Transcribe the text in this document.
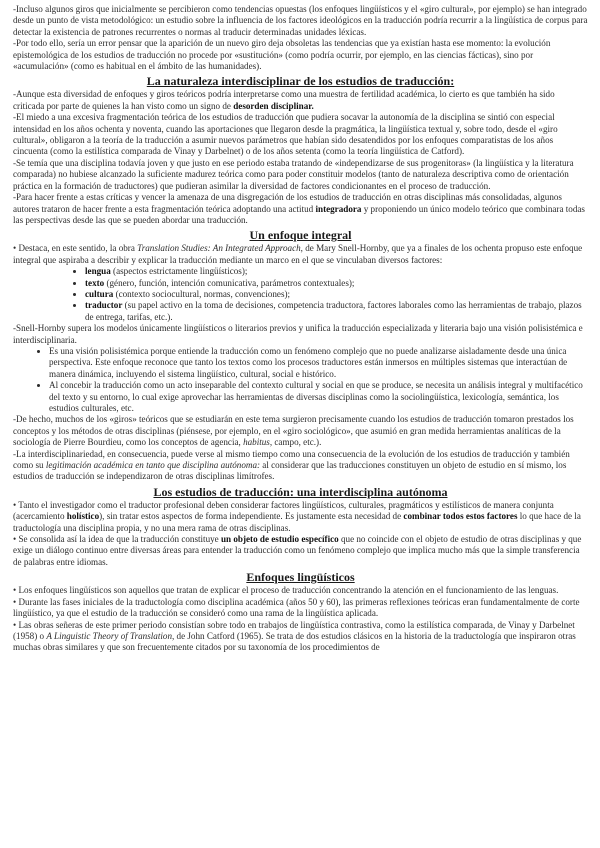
-Incluso algunos giros que inicialmente se percibieron como tendencias opuestas (los enfoques lingüísticos y el «giro cultural», por ejemplo) se han integrado desde un punto de vista metodológico: un estudio sobre la influencia de los factores ideológicos en la traducción podría recurrir a la lingüística de corpus para detectar la existencia de patrones recurrentes o normas al traducir determinadas unidades léxicas.

-Por todo ello, sería un error pensar que la aparición de un nuevo giro deja obsoletas las tendencias que ya existían hasta ese momento: la evolución epistemológica de los estudios de traducción no procede por «sustitución» (como podría ocurrir, por ejemplo, en las ciencias fácticas), sino por «acumulación» (como es habitual en el ámbito de las humanidades).

La naturaleza interdisciplinar de los estudios de traducción:

-Aunque esta diversidad de enfoques y giros teóricos podría interpretarse como una muestra de fertilidad académica, lo cierto es que también ha sido criticada por parte de quienes la han visto como un signo de desorden disciplinar.

-El miedo a una excesiva fragmentación teórica de los estudios de traducción que pudiera socavar la autonomía de la disciplina se sintió con especial intensidad en los años ochenta y noventa, cuando las aportaciones que llegaron desde la pragmática, la lingüística textual y, sobre todo, desde el «giro cultural», obligaron a la teoría de la traducción a asumir nuevos parámetros que habían sido desatendidos por los enfoques comparatistas de los años cincuenta (como la estilística comparada de Vinay y Darbelnet) o de los años setenta (como la teoría lingüística de Catford).

-Se temía que una disciplina todavía joven y que justo en ese periodo estaba tratando de «independizarse de sus progenitoras» (la lingüística y la literatura comparada) no hubiese alcanzado la suficiente madurez teórica como para poder constituir modelos (tanto de naturaleza descriptiva como de orientación práctica en la formación de traductores) que pudieran asimilar la diversidad de factores condicionantes en el proceso de traducción.

-Para hacer frente a estas críticas y vencer la amenaza de una disgregación de los estudios de traducción en otras disciplinas más consolidadas, algunos autores trataron de hacer frente a esta fragmentación teórica adoptando una actitud integradora y proponiendo un único modelo teórico que combinara todas las perspectivas desde las que se pueden abordar una traducción.

Un enfoque integral

• Destaca, en este sentido, la obra Translation Studies: An Integrated Approach, de Mary Snell-Hornby, que ya a finales de los ochenta propuso este enfoque integral que aspiraba a describir y explicar la traducción mediante un marco en el que se vinculaban diversos factores:

• lengua (aspectos estrictamente lingüísticos);
• texto (género, función, intención comunicativa, parámetros contextuales);
• cultura (contexto sociocultural, normas, convenciones);
• traductor (su papel activo en la toma de decisiones, competencia traductora, factores laborales como las herramientas de trabajo, plazos de entrega, tarifas, etc.).

-Snell-Hornby supera los modelos únicamente lingüísticos o literarios previos y unifica la traducción especializada y literaria bajo una visión polisistémica e interdisciplinaria.

• Es una visión polisistémica porque entiende la traducción como un fenómeno complejo que no puede analizarse aisladamente desde una única perspectiva. Este enfoque reconoce que tanto los textos como los procesos traductores están inmersos en múltiples sistemas que interactúan de manera dinámica, incluyendo el sistema lingüístico, cultural, social e histórico.
• Al concebir la traducción como un acto inseparable del contexto cultural y social en que se produce, se necesita un análisis integral y multifacético del texto y su entorno, lo cual exige aprovechar las herramientas de diversas disciplinas como la sociolingüística, lexicología, semántica, los estudios culturales, etc.

-De hecho, muchos de los «giros» teóricos que se estudiarán en este tema surgieron precisamente cuando los estudios de traducción tomaron prestados los conceptos y los métodos de otras disciplinas (piénsese, por ejemplo, en el «giro sociológico», que asumió en gran medida herramientas analíticas de la sociología de Pierre Bourdieu, como los conceptos de agencia, habitus, campo, etc.).

-La interdisciplinariedad, en consecuencia, puede verse al mismo tiempo como una consecuencia de la evolución de los estudios de traducción y también como su legitimación académica en tanto que disciplina autónoma: al considerar que las traducciones constituyen un objeto de estudio en sí mismo, los estudios de traducción se independizaron de otras disciplinas limítrofes.

Los estudios de traducción: una interdisciplina autónoma

• Tanto el investigador como el traductor profesional deben considerar factores lingüísticos, culturales, pragmáticos y estilísticos de manera conjunta (acercamiento holístico), sin tratar estos aspectos de forma independiente. Es justamente esta necesidad de combinar todos estos factores lo que hace de la traductología una disciplina propia, y no una mera rama de otras disciplinas.

• Se consolida así la idea de que la traducción constituye un objeto de estudio específico que no coincide con el objeto de estudio de otras disciplinas y que exige un diálogo continuo entre diversas áreas para entender la traducción como un fenómeno complejo que implica mucho más que la simple transferencia de palabras entre idiomas.

Enfoques lingüísticos

• Los enfoques lingüísticos son aquellos que tratan de explicar el proceso de traducción concentrando la atención en el funcionamiento de las lenguas.

• Durante las fases iniciales de la traductología como disciplina académica (años 50 y 60), las primeras reflexiones teóricas eran fundamentalmente de corte lingüístico, ya que el estudio de la traducción se consideró como una rama de la lingüística aplicada.

• Las obras señeras de este primer periodo consistían sobre todo en trabajos de lingüística contrastiva, como la estilística comparada, de Vinay y Darbelnet (1958) o A Linguistic Theory of Translation, de John Catford (1965). Se trata de dos estudios clásicos en la historia de la traductología que inspiraron otras muchas obras similares y que son frecuentemente citados por su taxonomía de los procedimientos de
